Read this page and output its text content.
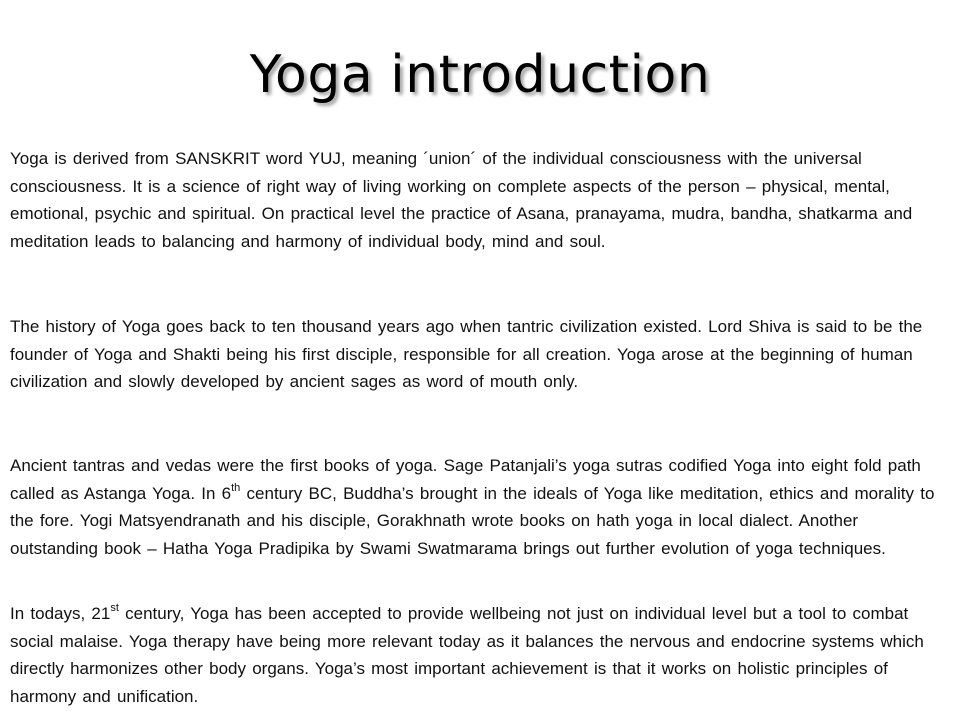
Yoga introduction

Yoga is derived from SANSKRIT word YUJ, meaning ´union´ of the individual consciousness with the universal consciousness. It is a science of right way of living working on complete aspects of the person – physical, mental, emotional, psychic and spiritual. On practical level the practice of Asana, pranayama, mudra, bandha, shatkarma and meditation leads to balancing and harmony of individual body, mind and soul.

The history of Yoga goes back to ten thousand years ago when tantric civilization existed. Lord Shiva is said to be the founder of Yoga and Shakti being his first disciple, responsible for all creation. Yoga arose at the beginning of human civilization and slowly developed by ancient sages as word of mouth only.

Ancient tantras and vedas were the first books of yoga. Sage Patanjali’s yoga sutras codified Yoga into eight fold path called as Astanga Yoga. In 6th century BC, Buddha’s brought in the ideals of Yoga like meditation, ethics and morality to the fore. Yogi Matsyendranath and his disciple, Gorakhnath wrote books on hath yoga in local dialect. Another outstanding book – Hatha Yoga Pradipika by Swami Swatmarama brings out further evolution of yoga techniques.

In todays, 21st century, Yoga has been accepted to provide wellbeing not just on individual level but a tool to combat social malaise. Yoga therapy have being more relevant today as it balances the nervous and endocrine systems which directly harmonizes other body organs. Yoga’s most important achievement is that it works on holistic principles of harmony and unification.
